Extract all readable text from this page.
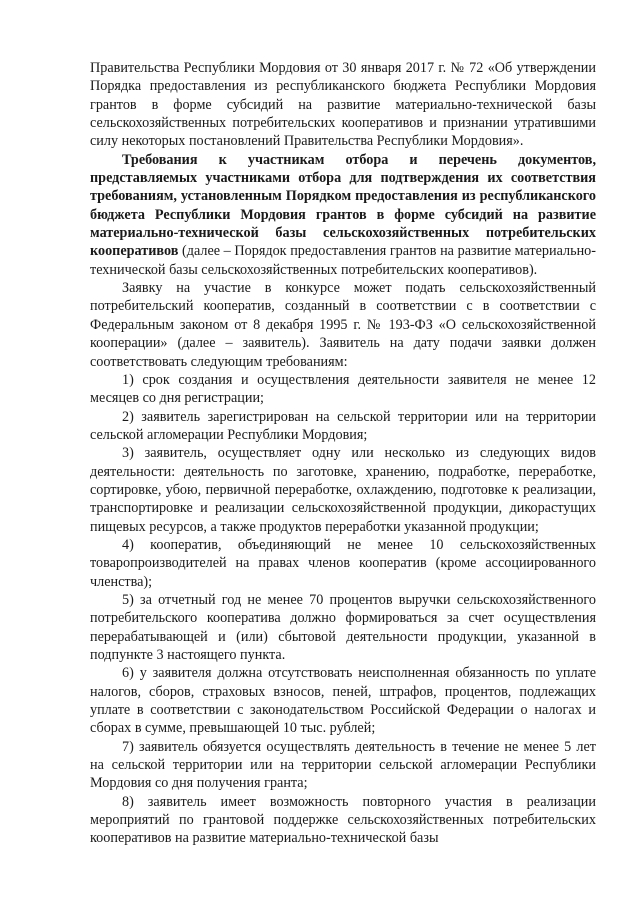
Правительства Республики Мордовия от 30 января 2017 г. № 72 «Об утверждении Порядка предоставления из республиканского бюджета Республики Мордовия грантов в форме субсидий на развитие материально-технической базы сельскохозяйственных потребительских кооперативов и признании утратившими силу некоторых постановлений Правительства Республики Мордовия».

Требования к участникам отбора и перечень документов, представляемых участниками отбора для подтверждения их соответствия требованиям, установленным Порядком предоставления из республиканского бюджета Республики Мордовия грантов в форме субсидий на развитие материально-технической базы сельскохозяйственных потребительских кооперативов (далее – Порядок предоставления грантов на развитие материально-технической базы сельскохозяйственных потребительских кооперативов).

Заявку на участие в конкурсе может подать сельскохозяйственный потребительский кооператив, созданный в соответствии с в соответствии с Федеральным законом от 8 декабря 1995 г. № 193-ФЗ «О сельскохозяйственной кооперации» (далее – заявитель). Заявитель на дату подачи заявки должен соответствовать следующим требованиям:

1) срок создания и осуществления деятельности заявителя не менее 12 месяцев со дня регистрации;

2) заявитель зарегистрирован на сельской территории или на территории сельской агломерации Республики Мордовия;

3) заявитель, осуществляет одну или несколько из следующих видов деятельности: деятельность по заготовке, хранению, подработке, переработке, сортировке, убою, первичной переработке, охлаждению, подготовке к реализации, транспортировке и реализации сельскохозяйственной продукции, дикорастущих пищевых ресурсов, а также продуктов переработки указанной продукции;

4) кооператив, объединяющий не менее 10 сельскохозяйственных товаропроизводителей на правах членов кооператив (кроме ассоциированного членства);

5) за отчетный год не менее 70 процентов выручки сельскохозяйственного потребительского кооператива должно формироваться за счет осуществления перерабатывающей и (или) сбытовой деятельности продукции, указанной в подпункте 3 настоящего пункта.

6) у заявителя должна отсутствовать неисполненная обязанность по уплате налогов, сборов, страховых взносов, пеней, штрафов, процентов, подлежащих уплате в соответствии с законодательством Российской Федерации о налогах и сборах в сумме, превышающей 10 тыс. рублей;

7) заявитель обязуется осуществлять деятельность в течение не менее 5 лет на сельской территории или на территории сельской агломерации Республики Мордовия со дня получения гранта;

8) заявитель имеет возможность повторного участия в реализации мероприятий по грантовой поддержке сельскохозяйственных потребительских кооперативов на развитие материально-технической базы
